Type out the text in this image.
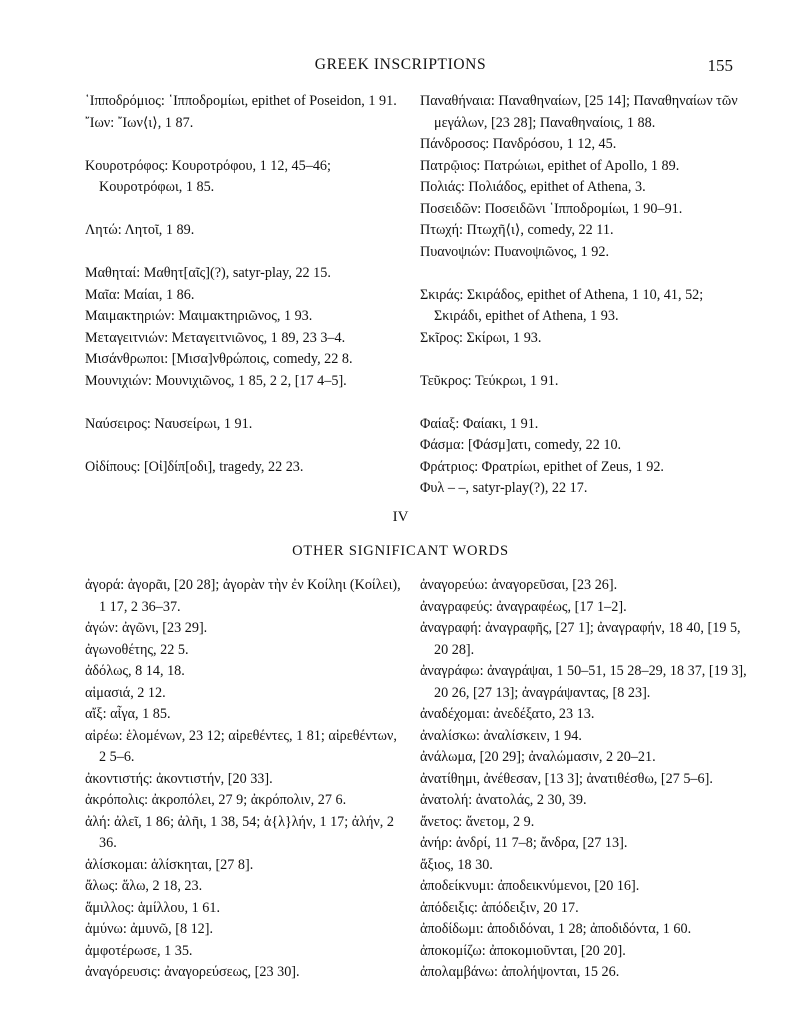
GREEK INSCRIPTIONS	155

῾Ιπποδρόμιος: ῾Ιπποδρομίωι, epithet of Poseidon, 1 91.

῎Ιων: ῎Ιων⟨ι⟩, 1 87.

Κουροτρόφος: Κουροτρόφου, 1 12, 45–46; Κουροτρόφωι, 1 85.

Λητώ: Λητοῖ, 1 89.

Μαθηταί: Μαθητ[αῖς](?), satyr-play, 22 15.

Μαῖα: Μαίαι, 1 86.

Μαιμακτηριών: Μαιμακτηριῶνος, 1 93.

Μεταγειτνιών: Μεταγειτνιῶνος, 1 89, 23 3–4.

Μισάνθρωποι: [Μισα]νθρώποις, comedy, 22 8.

Μουνιχιών: Μουνιχιῶνος, 1 85, 2 2, [17 4–5].

Ναύσειρος: Ναυσείρωι, 1 91.

Οἰδίπους: [Οἰ]δίπ[οδι], tragedy, 22 23.

Παναθήναια: Παναθηναίων, [25 14]; Παναθηναίων τῶν μεγάλων, [23 28]; Παναθηναίοις, 1 88.

Πάνδροσος: Πανδρόσου, 1 12, 45.

Πατρῷιος: Πατρώιωι, epithet of Apollo, 1 89.

Πολιάς: Πολιάδος, epithet of Athena, 3.

Ποσειδῶν: Ποσειδῶνι ῾Ιπποδρομίωι, 1 90–91.

Πτωχή: Πτωχῆ⟨ι⟩, comedy, 22 11.

Πυανοψιών: Πυανοψιῶνος, 1 92.

Σκιράς: Σκιράδος, epithet of Athena, 1 10, 41, 52; Σκιράδι, epithet of Athena, 1 93.

Σκῖρος: Σκίρωι, 1 93.

Τεῦκρος: Τεύκρωι, 1 91.

Φαίαξ: Φαίακι, 1 91.

Φάσμα: [Φάσμ]ατι, comedy, 22 10.

Φράτριος: Φρατρίωι, epithet of Zeus, 1 92.

Φυλ – –, satyr-play(?), 22 17.

IV
OTHER SIGNIFICANT WORDS

ἀγορά: ἀγορᾶι, [20 28]; ἀγορὰν τὴν ἐν Κοίληι (Κοίλει), 1 17, 2 36–37.

ἀγών: ἀγῶνι, [23 29].

ἀγωνοθέτης, 22 5.

ἀδόλως, 8 14, 18.

αἱμασιά, 2 12.

αἴξ: αἶγα, 1 85.

αἱρέω: ἑλομένων, 23 12; αἱρεθέντες, 1 81; αἱρεθέντων, 2 5–6.

ἀκοντιστής: ἀκοντιστήν, [20 33].

ἀκρόπολις: ἀκροπόλει, 27 9; ἀκρόπολιν, 27 6.

ἀλή: ἀλεῖ, 1 86; ἀλῆι, 1 38, 54; ἀ{λ}λήν, 1 17; ἀλήν, 2 36.

ἁλίσκομαι: ἁλίσκηται, [27 8].

ἄλως: ἅλω, 2 18, 23.

ἅμιλλος: ἁμίλλου, 1 61.

ἀμύνω: ἀμυνῶ, [8 12].

ἀμφοτέρωσε, 1 35.

ἀναγόρευσις: ἀναγορεύσεως, [23 30].

ἀναγορεύω: ἀναγορεῦσαι, [23 26].

ἀναγραφεύς: ἀναγραφέως, [17 1–2].

ἀναγραφή: ἀναγραφῆς, [27 1]; ἀναγραφήν, 18 40, [19 5, 20 28].

ἀναγράφω: ἀναγράψαι, 1 50–51, 15 28–29, 18 37, [19 3], 20 26, [27 13]; ἀναγράψαντας, [8 23].

ἀναδέχομαι: ἀνεδέξατο, 23 13.

ἀναλίσκω: ἀναλίσκειν, 1 94.

ἀνάλωμα, [20 29]; ἀναλώμασιν, 2 20–21.

ἀνατίθημι, ἀνέθεσαν, [13 3]; ἀνατιθέσθω, [27 5–6].

ἀνατολή: ἀνατολάς, 2 30, 39.

ἄνετος: ἄνετομ, 2 9.

ἀνήρ: ἀνδρί, 11 7–8; ἄνδρα, [27 13].

ἄξιος, 18 30.

ἀποδείκνυμι: ἀποδεικνύμενοι, [20 16].

ἀπόδειξις: ἀπόδειξιν, 20 17.

ἀποδίδωμι: ἀποδιδόναι, 1 28; ἀποδιδόντα, 1 60.

ἀποκομίζω: ἀποκομιοῦνται, [20 20].

ἀπολαμβάνω: ἀπολήψονται, 15 26.
